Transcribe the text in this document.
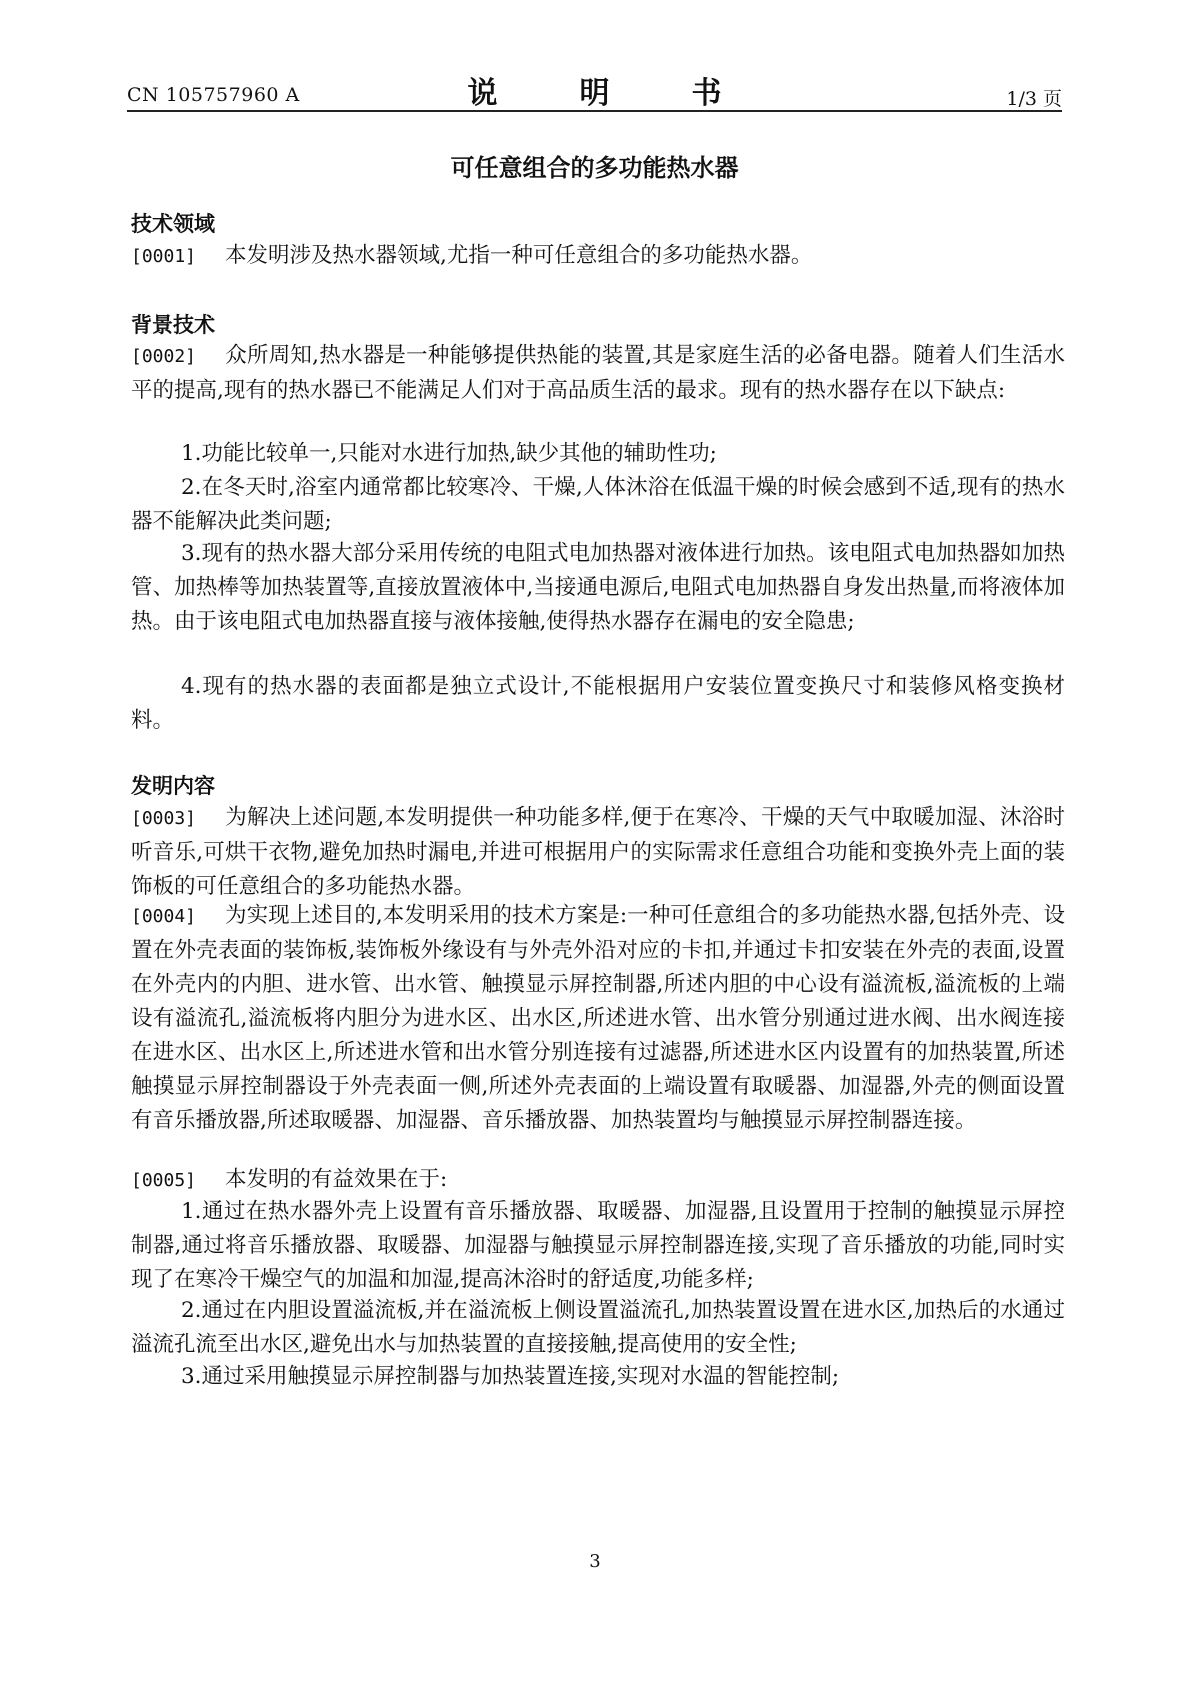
CN 105757960 A	说　明　书	1/3 页
可任意组合的多功能热水器
技术领域

[0001] 本发明涉及热水器领域,尤指一种可任意组合的多功能热水器。

背景技术

[0002] 众所周知,热水器是一种能够提供热能的装置,其是家庭生活的必备电器。随着人们生活水平的提高,现有的热水器已不能满足人们对于高品质生活的最求。现有的热水器存在以下缺点:

1.功能比较单一,只能对水进行加热,缺少其他的辅助性功;

2.在冬天时,浴室内通常都比较寒冷、干燥,人体沐浴在低温干燥的时候会感到不适,现有的热水器不能解决此类问题;

3.现有的热水器大部分采用传统的电阻式电加热器对液体进行加热。该电阻式电加热器如加热管、加热棒等加热装置等,直接放置液体中,当接通电源后,电阻式电加热器自身发出热量,而将液体加热。由于该电阻式电加热器直接与液体接触,使得热水器存在漏电的安全隐患;

4.现有的热水器的表面都是独立式设计,不能根据用户安装位置变换尺寸和装修风格变换材料。

发明内容

[0003] 为解决上述问题,本发明提供一种功能多样,便于在寒冷、干燥的天气中取暖加湿、沐浴时听音乐,可烘干衣物,避免加热时漏电,并进可根据用户的实际需求任意组合功能和变换外壳上面的装饰板的可任意组合的多功能热水器。

[0004] 为实现上述目的,本发明采用的技术方案是:一种可任意组合的多功能热水器,包括外壳、设置在外壳表面的装饰板,装饰板外缘设有与外壳外沿对应的卡扣,并通过卡扣安装在外壳的表面,设置在外壳内的内胆、进水管、出水管、触摸显示屏控制器,所述内胆的中心设有溢流板,溢流板的上端设有溢流孔,溢流板将内胆分为进水区、出水区,所述进水管、出水管分别通过进水阀、出水阀连接在进水区、出水区上,所述进水管和出水管分别连接有过滤器,所述进水区内设置有的加热装置,所述触摸显示屏控制器设于外壳表面一侧,所述外壳表面的上端设置有取暖器、加湿器,外壳的侧面设置有音乐播放器,所述取暖器、加湿器、音乐播放器、加热装置均与触摸显示屏控制器连接。

[0005] 本发明的有益效果在于:

1.通过在热水器外壳上设置有音乐播放器、取暖器、加湿器,且设置用于控制的触摸显示屏控制器,通过将音乐播放器、取暖器、加湿器与触摸显示屏控制器连接,实现了音乐播放的功能,同时实现了在寒冷干燥空气的加温和加湿,提高沐浴时的舒适度,功能多样;

2.通过在内胆设置溢流板,并在溢流板上侧设置溢流孔,加热装置设置在进水区,加热后的水通过溢流孔流至出水区,避免出水与加热装置的直接接触,提高使用的安全性;

3.通过采用触摸显示屏控制器与加热装置连接,实现对水温的智能控制;

3
